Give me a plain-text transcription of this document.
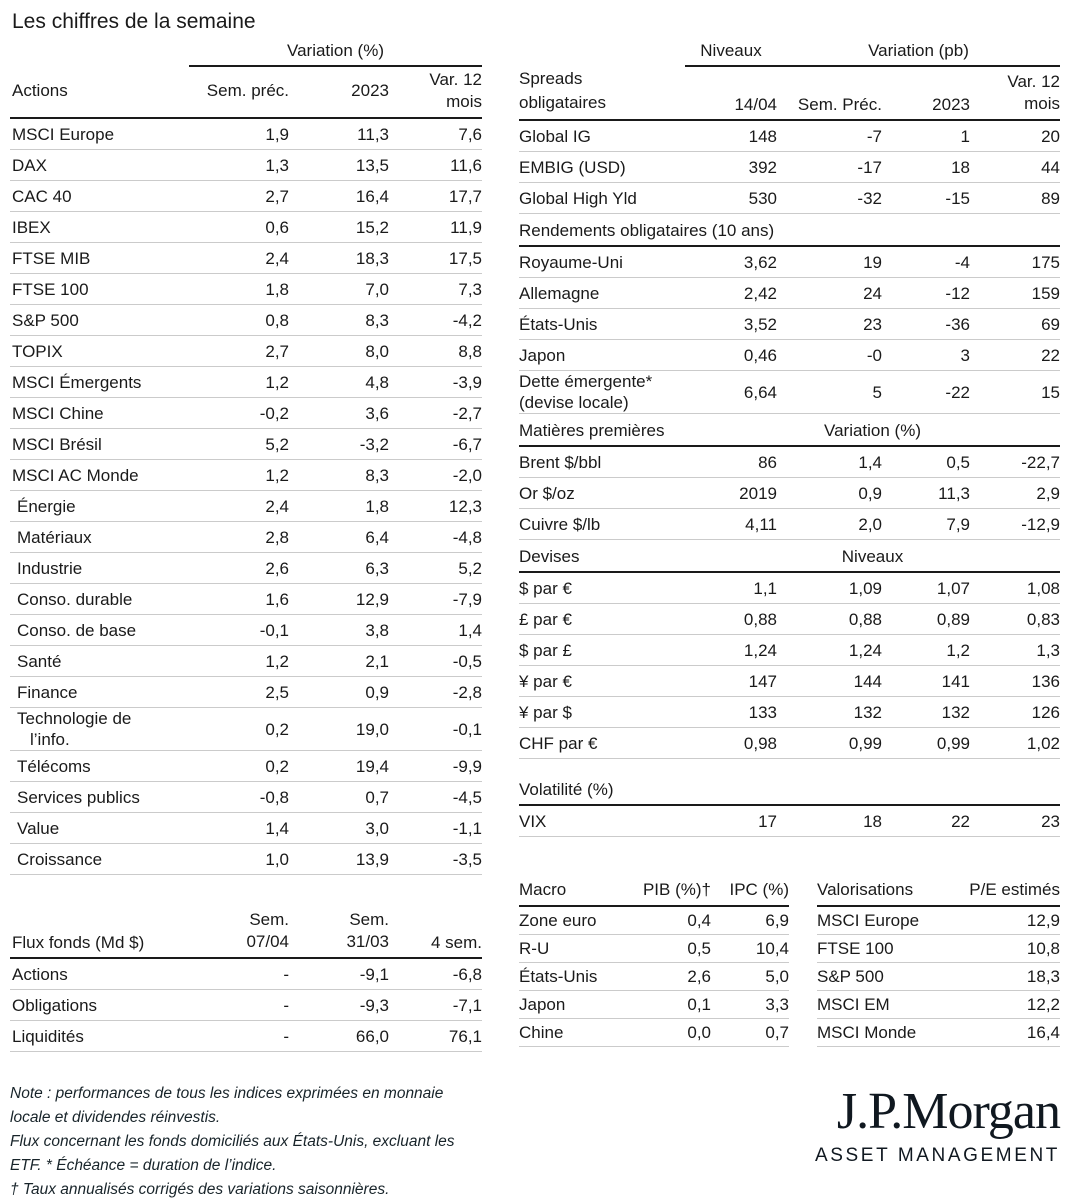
Les chiffres de la semaine
Variation (%)
Actions	Sem. préc.	2023
Var. 12
mois
MSCI Europe	1,9	11,3	7,6
DAX	1,3	13,5	11,6
CAC 40	2,7	16,4	17,7
IBEX	0,6	15,2	11,9
FTSE MIB	2,4	18,3	17,5
FTSE 100	1,8	7,0	7,3
S&P 500	0,8	8,3	-4,2
TOPIX	2,7	8,0	8,8
MSCI Émergents	1,2	4,8	-3,9
MSCI Chine	-0,2	3,6	-2,7
MSCI Brésil	5,2	-3,2	-6,7
MSCI AC Monde	1,2	8,3	-2,0
Énergie	2,4	1,8	12,3
Matériaux	2,8	6,4	-4,8
Industrie	2,6	6,3	5,2
Conso. durable	1,6	12,9	-7,9
Conso. de base	-0,1	3,8	1,4
Santé	1,2	2,1	-0,5
Finance	2,5	0,9	-2,8
Technologie de l’info.
0,2	19,0	-0,1
Télécoms	0,2	19,4	-9,9
Services publics	-0,8	0,7	-4,5
Value	1,4	3,0	-1,1
Croissance	1,0	13,9	-3,5
Flux fonds (Md $)
Sem.
07/04
Sem.
31/03	4 sem.
Actions	-	-9,1	-6,8
Obligations	-	-9,3	-7,1
Liquidités	-	66,0	76,1
Note : performances de tous les indices exprimées en monnaie locale et dividendes réinvestis.
Flux concernant les fonds domiciliés aux États-Unis, excluant les ETF. * Échéance = duration de l’indice.
† Taux annualisés corrigés des variations saisonnières.
Niveaux	Variation (pb)
Spreads
obligataires	14/04	Sem. Préc.	2023
Var. 12
mois
Global IG	148	-7	1	20
EMBIG (USD)	392	-17	18	44
Global High Yld	530	-32	-15	89
Rendements obligataires (10 ans)
Royaume-Uni	3,62	19	-4	175
Allemagne	2,42	24	-12	159
États-Unis	3,52	23	-36	69
Japon	0,46	-0	3	22
Dette émergente* (devise locale)
6,64	5	-22	15
Matières premières	Variation (%)
Brent $/bbl	86	1,4	0,5	-22,7
Or $/oz	2019	0,9	11,3	2,9
Cuivre $/lb	4,11	2,0	7,9	-12,9
Devises	Niveaux
$ par €	1,1	1,09	1,07	1,08
£ par €	0,88	0,88	0,89	0,83
$ par £	1,24	1,24	1,2	1,3
¥ par €	147	144	141	136
¥ par $	133	132	132	126
CHF par €	0,98	0,99	0,99	1,02
Volatilité (%)
VIX	17	18	22	23
Macro	PIB (%)†	IPC (%)
Zone euro	0,4	6,9
R-U	0,5	10,4
États-Unis	2,6	5,0
Japon	0,1	3,3
Chine	0,0	0,7
Valorisations	P/E estimés
MSCI Europe	12,9
FTSE 100	10,8
S&P 500	18,3
MSCI EM	12,2
MSCI Monde	16,4
J.P.Morgan
ASSET MANAGEMENT
